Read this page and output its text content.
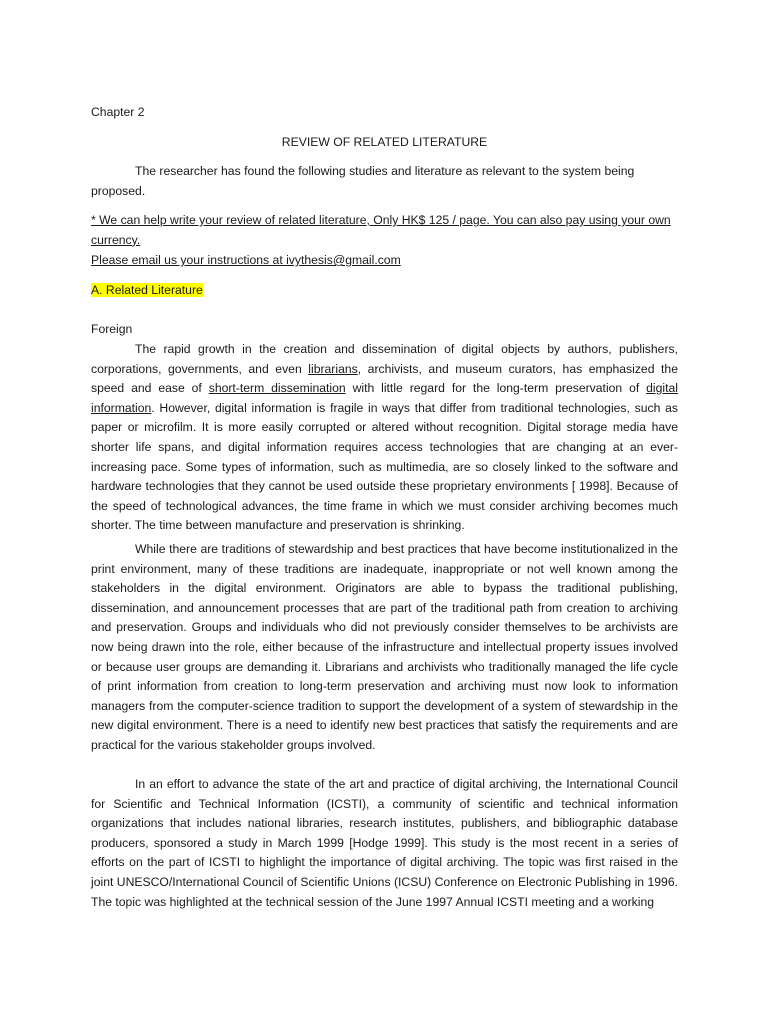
Chapter 2

REVIEW OF RELATED LITERATURE

The researcher has found the following studies and literature as relevant to the system being proposed.

* We can help write your review of related literature, Only HK$ 125 / page. You can also pay using your own currency.

Please email us your instructions at ivythesis@gmail.com

A. Related Literature

Foreign

The rapid growth in the creation and dissemination of digital objects by authors, publishers, corporations, governments, and even librarians, archivists, and museum curators, has emphasized the speed and ease of short-term dissemination with little regard for the long-term preservation of digital information. However, digital information is fragile in ways that differ from traditional technologies, such as paper or microfilm. It is more easily corrupted or altered without recognition. Digital storage media have shorter life spans, and digital information requires access technologies that are changing at an ever-increasing pace. Some types of information, such as multimedia, are so closely linked to the software and hardware technologies that they cannot be used outside these proprietary environments [ 1998]. Because of the speed of technological advances, the time frame in which we must consider archiving becomes much shorter. The time between manufacture and preservation is shrinking.

While there are traditions of stewardship and best practices that have become institutionalized in the print environment, many of these traditions are inadequate, inappropriate or not well known among the stakeholders in the digital environment. Originators are able to bypass the traditional publishing, dissemination, and announcement processes that are part of the traditional path from creation to archiving and preservation. Groups and individuals who did not previously consider themselves to be archivists are now being drawn into the role, either because of the infrastructure and intellectual property issues involved or because user groups are demanding it. Librarians and archivists who traditionally managed the life cycle of print information from creation to long-term preservation and archiving must now look to information managers from the computer-science tradition to support the development of a system of stewardship in the new digital environment. There is a need to identify new best practices that satisfy the requirements and are practical for the various stakeholder groups involved.

In an effort to advance the state of the art and practice of digital archiving, the International Council for Scientific and Technical Information (ICSTI), a community of scientific and technical information organizations that includes national libraries, research institutes, publishers, and bibliographic database producers, sponsored a study in March 1999 [Hodge 1999]. This study is the most recent in a series of efforts on the part of ICSTI to highlight the importance of digital archiving. The topic was first raised in the joint UNESCO/International Council of Scientific Unions (ICSU) Conference on Electronic Publishing in 1996. The topic was highlighted at the technical session of the June 1997 Annual ICSTI meeting and a working
